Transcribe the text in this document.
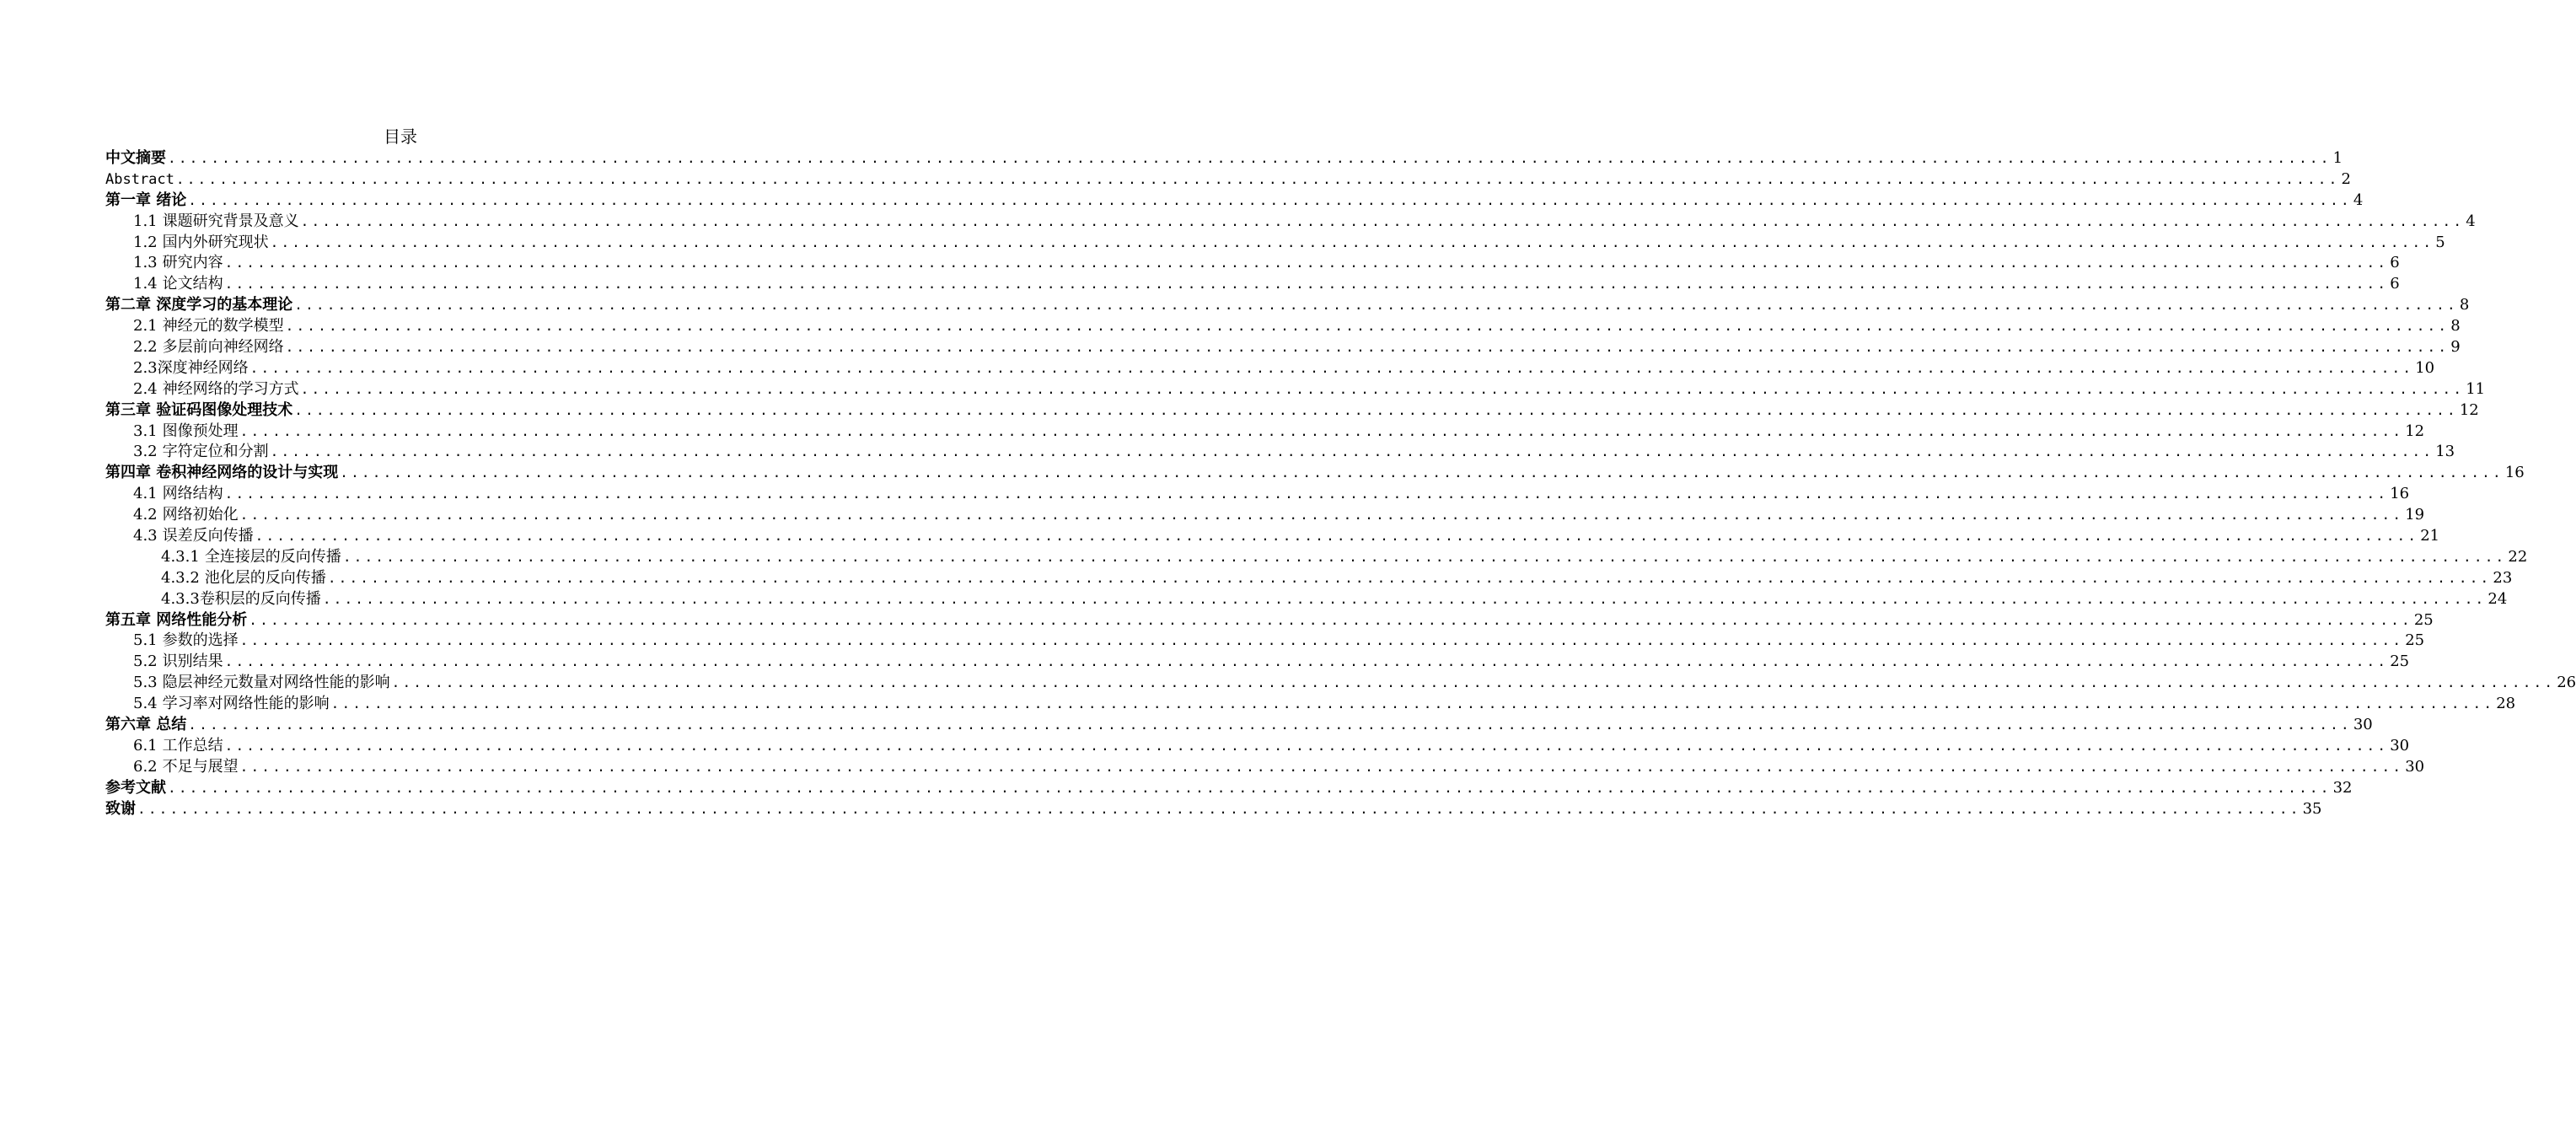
目录
中文摘要 ........................................................................................................................................................................................................ 1
Abstract ........................................................................................................................................................................................................ 2
第一章 绪论 ........................................................................................................................................................................................................ 4
1.1 课题研究背景及意义 ........................................................................................................................................................................................................ 4
1.2 国内外研究现状 ........................................................................................................................................................................................................ 5
1.3 研究内容 ........................................................................................................................................................................................................ 6
1.4 论文结构 ........................................................................................................................................................................................................ 6
第二章 深度学习的基本理论 ........................................................................................................................................................................................................ 8
2.1 神经元的数学模型 ........................................................................................................................................................................................................ 8
2.2 多层前向神经网络 ........................................................................................................................................................................................................ 9
2.3深度神经网络 ........................................................................................................................................................................................................ 10
2.4 神经网络的学习方式 ........................................................................................................................................................................................................ 11
第三章 验证码图像处理技术 ........................................................................................................................................................................................................ 12
3.1 图像预处理 ........................................................................................................................................................................................................ 12
3.2 字符定位和分割 ........................................................................................................................................................................................................ 13
第四章 卷积神经网络的设计与实现 ........................................................................................................................................................................................................ 16
4.1 网络结构 ........................................................................................................................................................................................................ 16
4.2 网络初始化 ........................................................................................................................................................................................................ 19
4.3 误差反向传播 ........................................................................................................................................................................................................ 21
4.3.1 全连接层的反向传播 ........................................................................................................................................................................................................ 22
4.3.2 池化层的反向传播 ........................................................................................................................................................................................................ 23
4.3.3卷积层的反向传播 ........................................................................................................................................................................................................ 24
第五章 网络性能分析 ........................................................................................................................................................................................................ 25
5.1 参数的选择 ........................................................................................................................................................................................................ 25
5.2 识别结果 ........................................................................................................................................................................................................ 25
5.3 隐层神经元数量对网络性能的影响 ........................................................................................................................................................................................................ 26
5.4 学习率对网络性能的影响 ........................................................................................................................................................................................................ 28
第六章 总结 ........................................................................................................................................................................................................ 30
6.1 工作总结 ........................................................................................................................................................................................................ 30
6.2 不足与展望 ........................................................................................................................................................................................................ 30
参考文献 ........................................................................................................................................................................................................ 32
致谢 ........................................................................................................................................................................................................ 35
